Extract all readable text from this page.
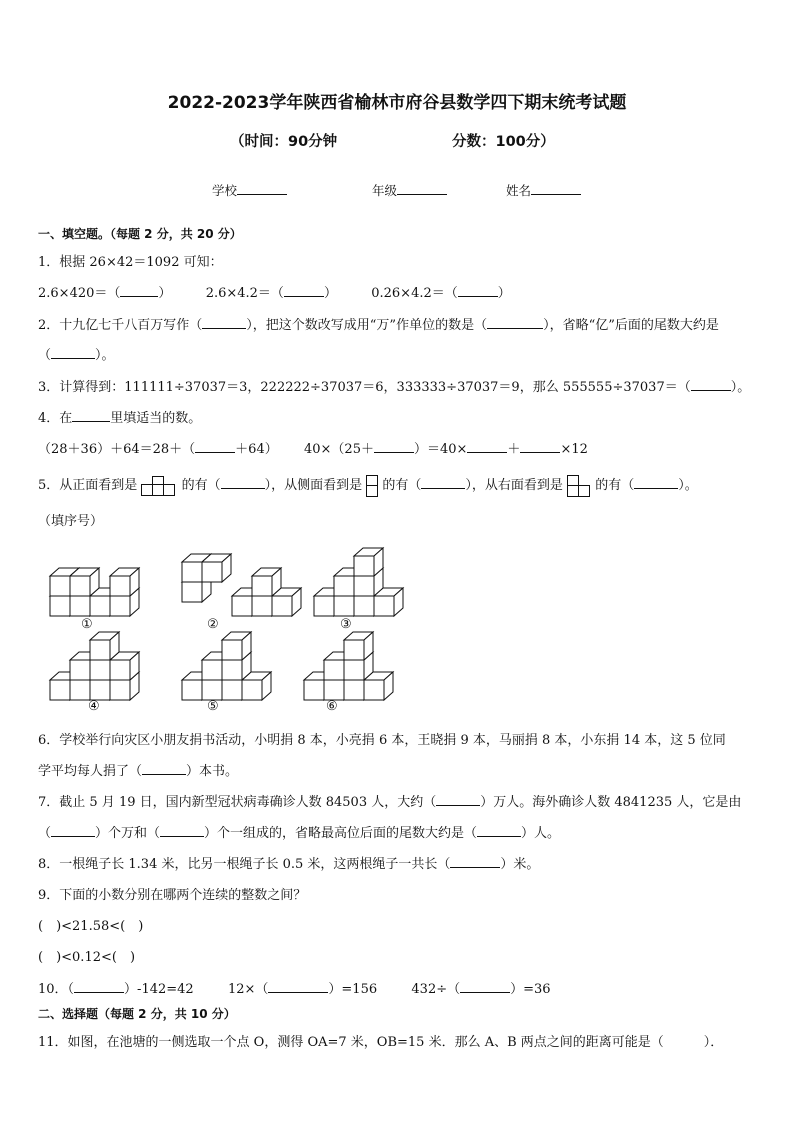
2022-2023学年陕西省榆林市府谷县数学四下期末统考试题
（时间：90分钟	分数：100分）
学校	年级	姓名
一、填空题。（每题 2 分，共 20 分）
1．根据 26×42＝1092 可知：
2.6×420＝（	）	2.6×4.2＝（	）	0.26×4.2＝（	）
2．十九亿七千八百万写作（	），把这个数改写成用“万”作单位的数是（	），省略“亿”后面的尾数大约是
（	）。
3．计算得到：111111÷37037＝3，222222÷37037＝6，333333÷37037＝9，那么 555555÷37037＝（	）。
4．在	里填适当的数。
（28＋36）＋64＝28＋（	＋64） 40×（25＋	）＝40×	＋	×12
5．从正面看到是	的有（	），从侧面看到是 的有（	），从右面看到是 的有（	）。
（填序号）
①	②	③
④	⑤	⑥
6．学校举行向灾区小朋友捐书活动，小明捐 8 本，小亮捐 6 本，王晓捐 9 本，马丽捐 8 本，小东捐 14 本，这 5 位同
学平均每人捐了（	）本书。
7．截止 5 月 19 日，国内新型冠状病毒确诊人数 84503 人，大约（	）万人。海外确诊人数 4841235 人，它是由
（	）个万和（	）个一组成的，省略最高位后面的尾数大约是（	）人。
8．一根绳子长 1.34 米，比另一根绳子长 0.5 米，这两根绳子一共长（	）米。
9．下面的小数分别在哪两个连续的整数之间？
(　)<21.58<(　)
(　)<0.12<(　)
10．（	）-142=42	12×（	）=156	432÷（	）=36
二、选择题（每题 2 分，共 10 分）
11．如图，在池塘的一侧选取一个点 O，测得 OA=7 米，OB=15 米．那么 A、B 两点之间的距离可能是（	）．
